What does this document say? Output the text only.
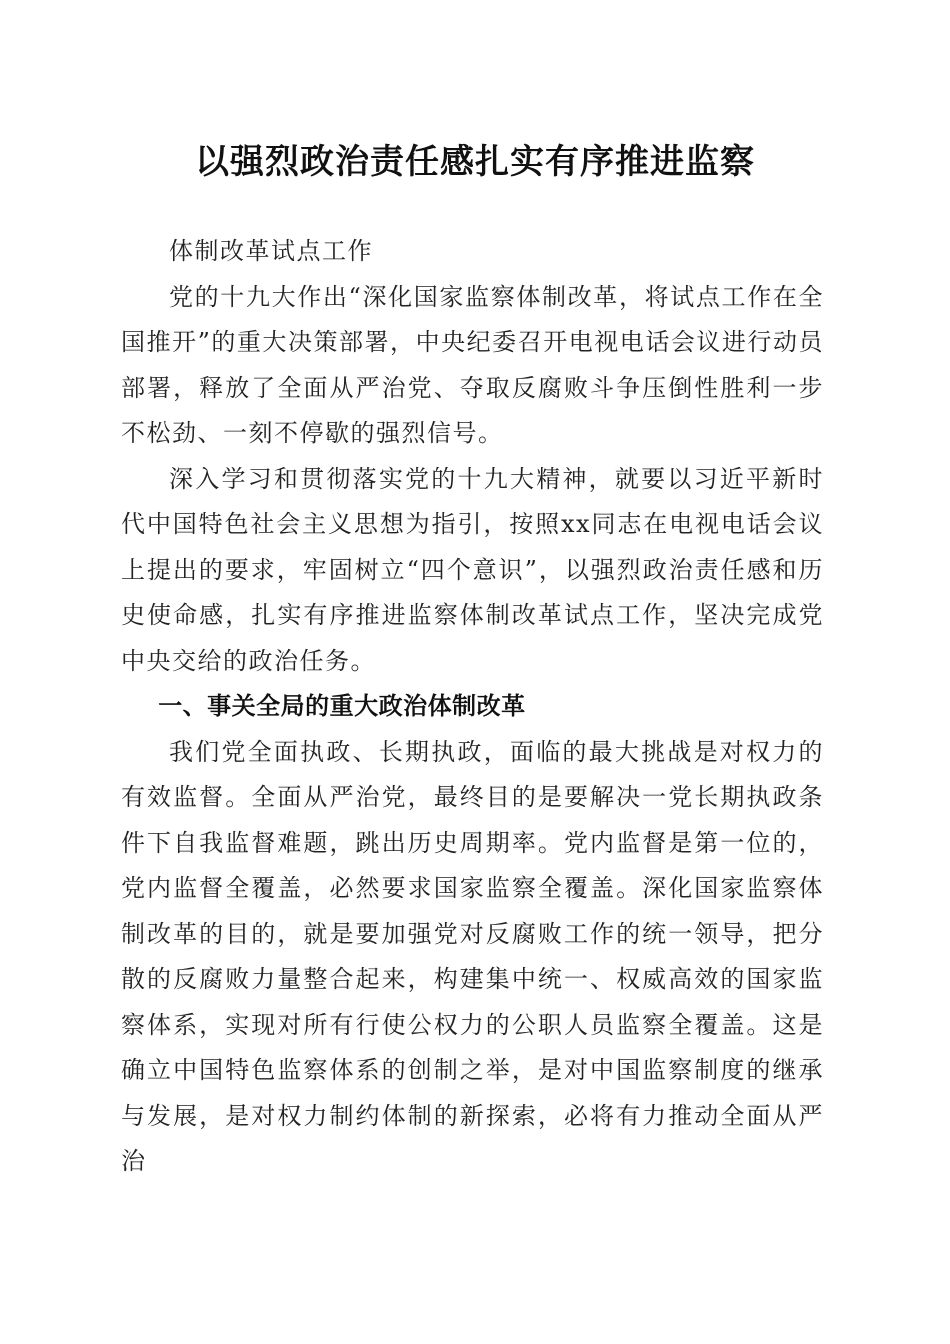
以强烈政治责任感扎实有序推进监察

体制改革试点工作

党的十九大作出“深化国家监察体制改革，将试点工作在全国推开”的重大决策部署，中央纪委召开电视电话会议进行动员部署，释放了全面从严治党、夺取反腐败斗争压倒性胜利一步不松劲、一刻不停歇的强烈信号。

深入学习和贯彻落实党的十九大精神，就要以习近平新时代中国特色社会主义思想为指引，按照xx同志在电视电话会议上提出的要求，牢固树立“四个意识”，以强烈政治责任感和历史使命感，扎实有序推进监察体制改革试点工作，坚决完成党中央交给的政治任务。

一、事关全局的重大政治体制改革

我们党全面执政、长期执政，面临的最大挑战是对权力的有效监督。全面从严治党，最终目的是要解决一党长期执政条件下自我监督难题，跳出历史周期率。党内监督是第一位的，党内监督全覆盖，必然要求国家监察全覆盖。深化国家监察体制改革的目的，就是要加强党对反腐败工作的统一领导，把分散的反腐败力量整合起来，构建集中统一、权威高效的国家监察体系，实现对所有行使公权力的公职人员监察全覆盖。这是确立中国特色监察体系的创制之举，是对中国监察制度的继承与发展，是对权力制约体制的新探索，必将有力推动全面从严治
